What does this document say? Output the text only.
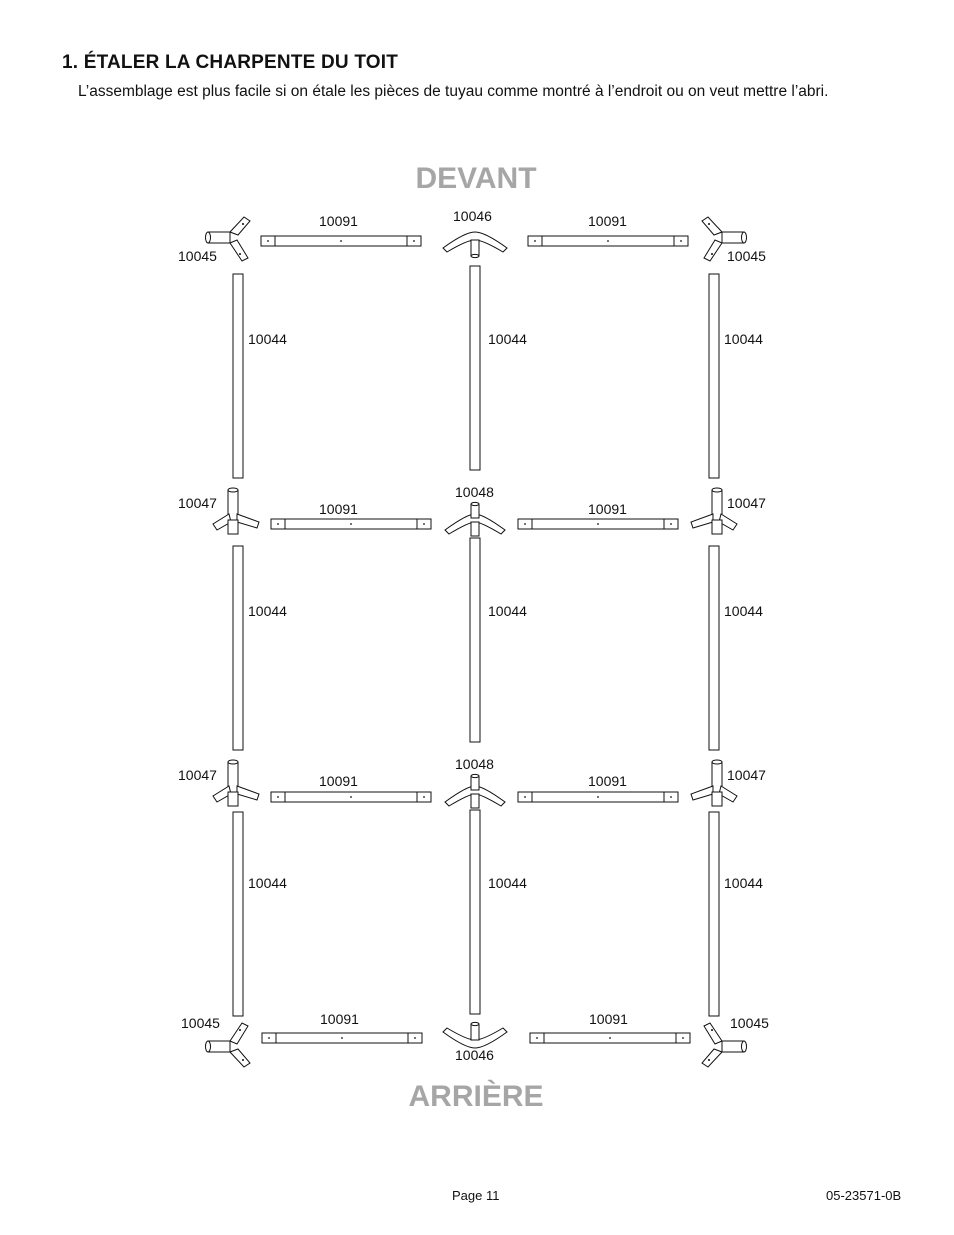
1. ÉTALER LA CHARPENTE DU TOIT
L’assemblage est plus facile si on étale les pièces de tuyau comme montré à l’endroit ou on veut mettre l’abri.
DEVANT
ARRIÈRE
10045	10045
10046
10091	10091
10044	10044	10044
10047	10047
10048
10091	10091
10044	10044	10044
10047	10047
10048
10091	10091
10044	10044	10044
10045	10045
10091	10091
10046
Page 11	05-23571-0B
